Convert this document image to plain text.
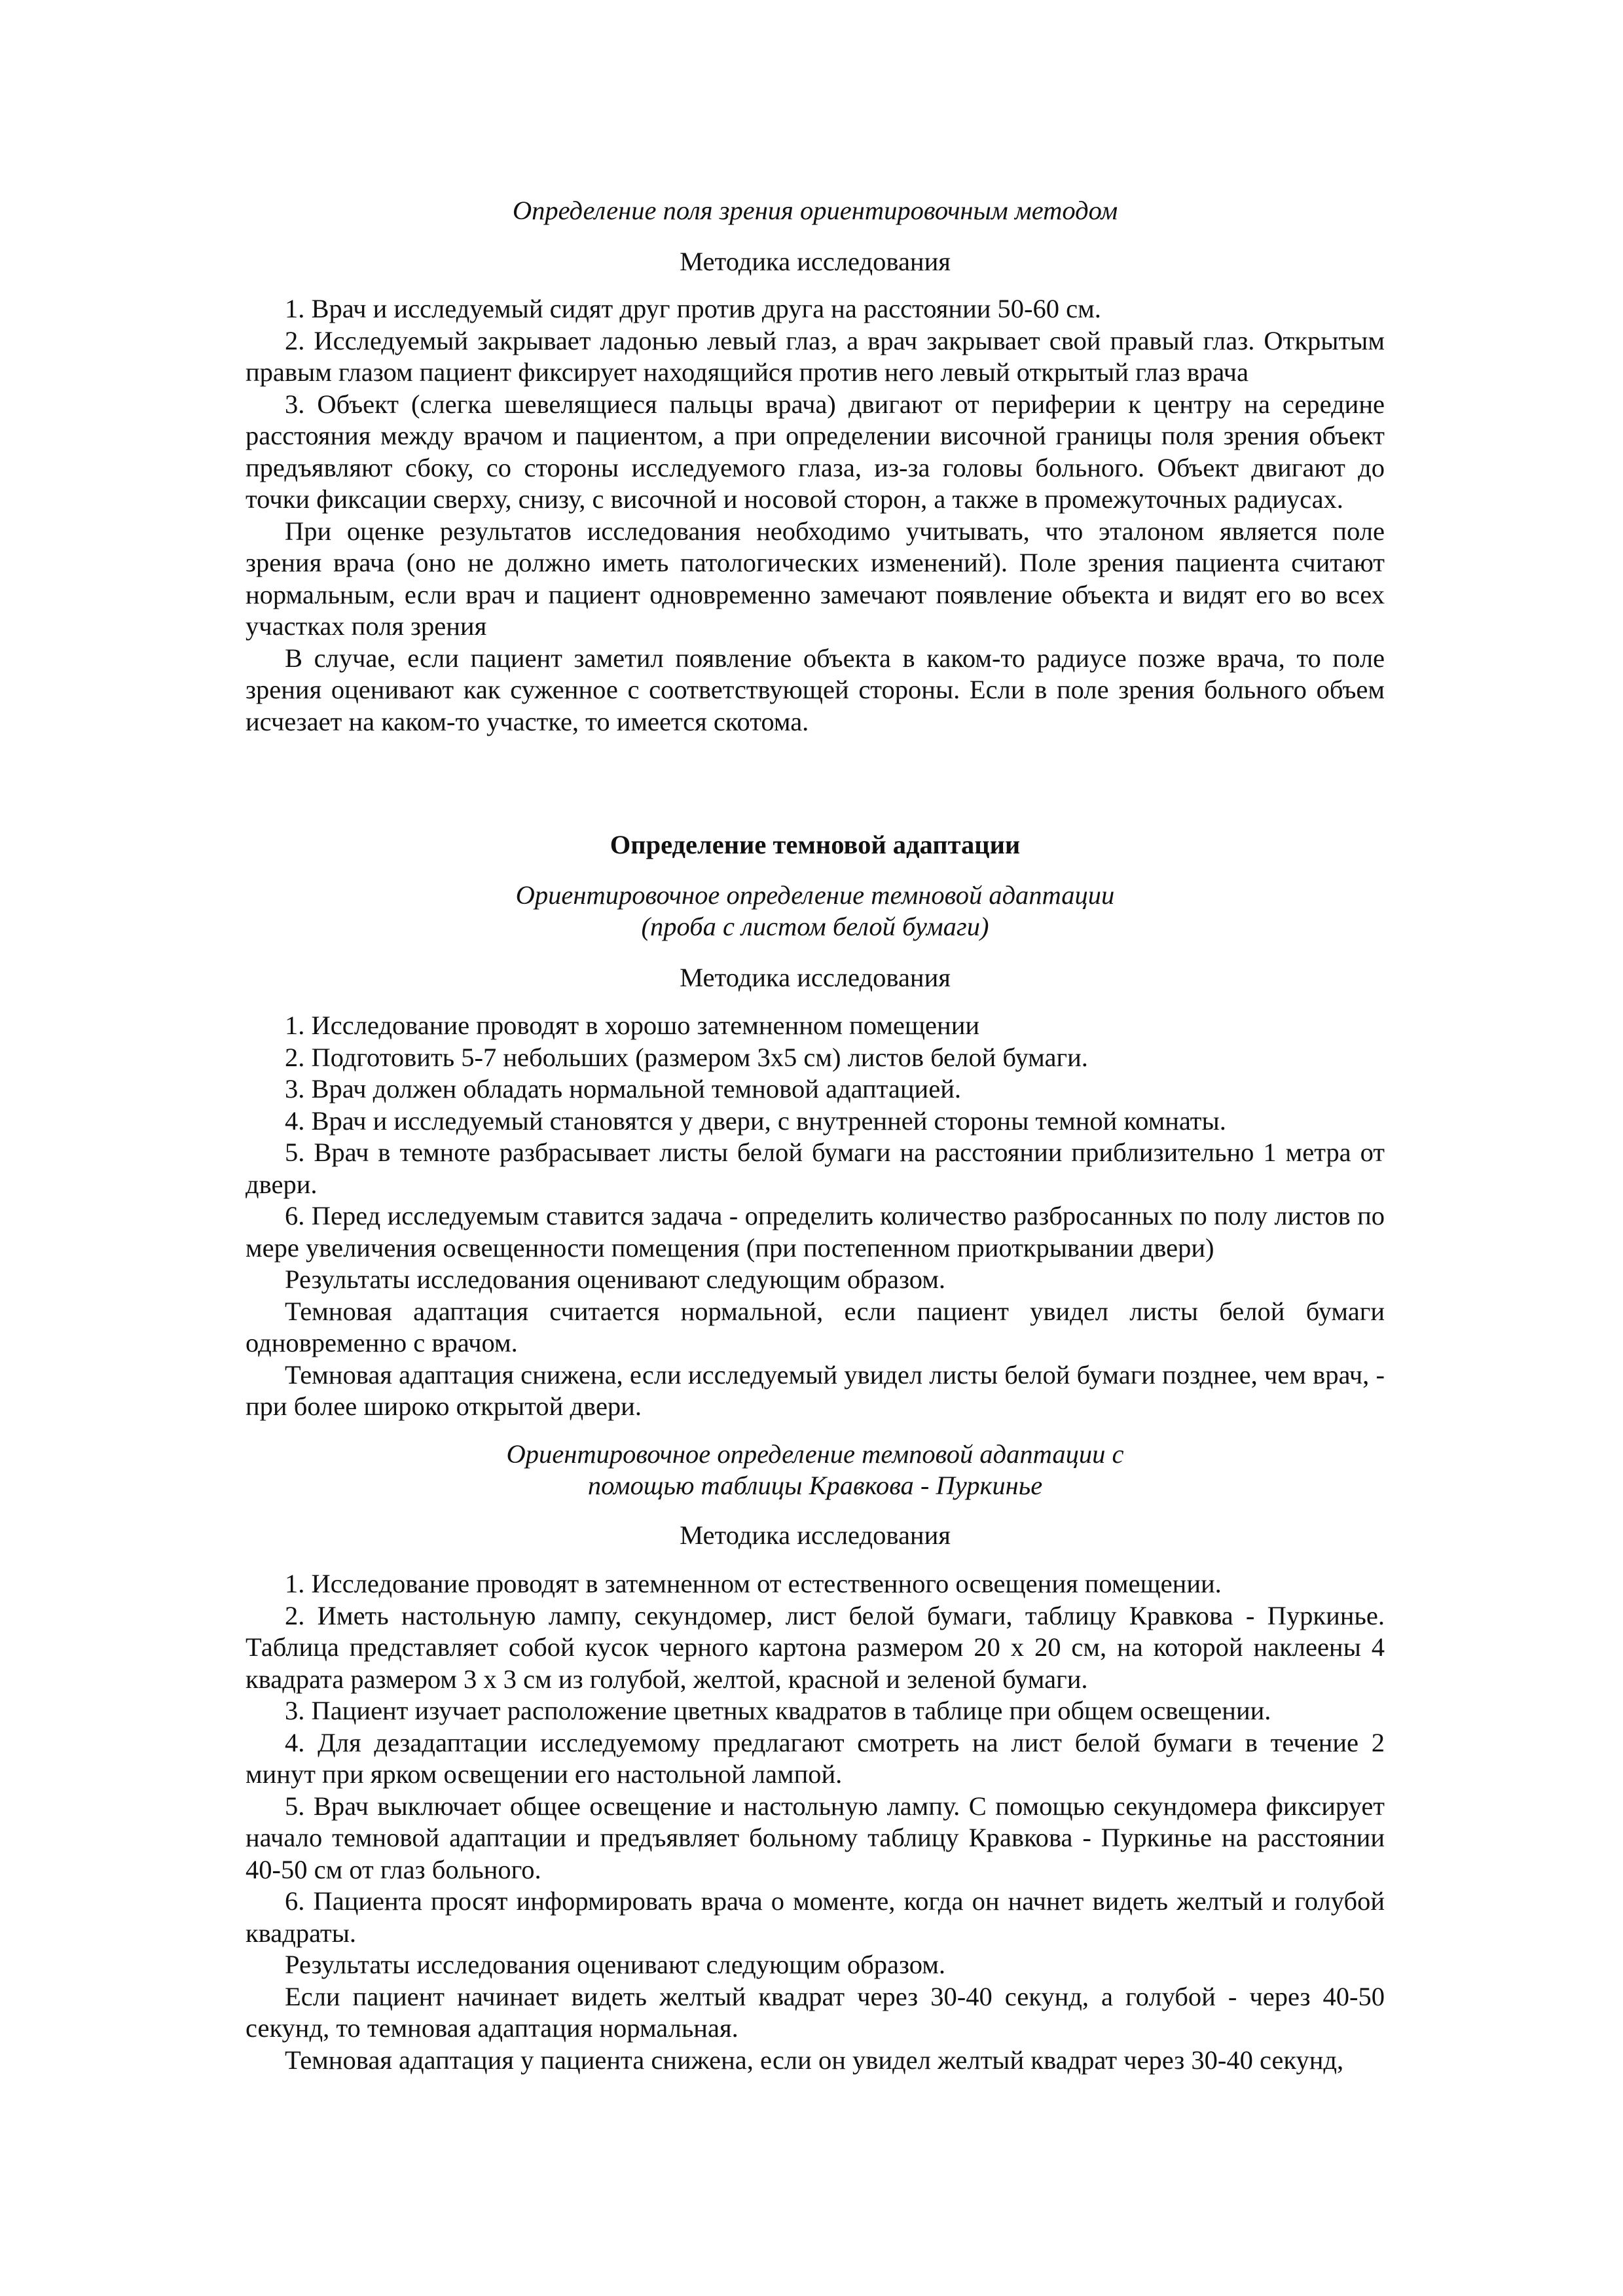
Определение поля зрения ориентировочным методом
Методика исследования

1. Врач и исследуемый сидят друг против друга на расстоянии 50-60 см.

2. Исследуемый закрывает ладонью левый глаз, а врач закрывает свой правый глаз. Открытым правым глазом пациент фиксирует находящийся против него левый открытый глаз врача

3. Объект (слегка шевелящиеся пальцы врача) двигают от периферии к центру на середине расстояния между врачом и пациентом, а при определении височной границы поля зрения объект предъявляют сбоку, со стороны исследуемого глаза, из-за головы больного. Объект двигают до точки фиксации сверху, снизу, с височной и носовой сторон, а также в промежуточных радиусах.

При оценке результатов исследования необходимо учитывать, что эталоном является поле зрения врача (оно не должно иметь патологических изменений). Поле зрения пациента считают нормальным, если врач и пациент одновременно замечают появление объекта и видят его во всех участках поля зрения

В случае, если пациент заметил появление объекта в каком-то радиусе позже врача, то поле зрения оценивают как суженное с соответствующей стороны. Если в поле зрения больного объем исчезает на каком-то участке, то имеется скотома.

Определение темновой адаптации
Ориентировочное определение темновой адаптации
(проба с листом белой бумаги)
Методика исследования

1. Исследование проводят в хорошо затемненном помещении

2. Подготовить 5-7 небольших (размером 3х5 см) листов белой бумаги.

3. Врач должен обладать нормальной темновой адаптацией.

4. Врач и исследуемый становятся у двери, с внутренней стороны темной комнаты.

5. Врач в темноте разбрасывает листы белой бумаги на расстоянии приблизительно 1 метра от двери.

6. Перед исследуемым ставится задача - определить количество разбросанных по полу листов по мере увеличения освещенности помещения (при постепенном приоткрывании двери)

Результаты исследования оценивают следующим образом.

Темновая адаптация считается нормальной, если пациент увидел листы белой бумаги одновременно с врачом.

Темновая адаптация снижена, если исследуемый увидел листы белой бумаги позднее, чем врач, - при более широко открытой двери.

Ориентировочное определение темповой адаптации с
помощью таблицы Кравкова - Пуркинье
Методика исследования

1. Исследование проводят в затемненном от естественного освещения помещении.

2. Иметь настольную лампу, секундомер, лист белой бумаги, таблицу Кравкова - Пуркинье. Таблица представляет собой кусок черного картона размером 20 х 20 см, на которой наклеены 4 квадрата размером 3 х 3 см из голубой, желтой, красной и зеленой бумаги.

3. Пациент изучает расположение цветных квадратов в таблице при общем освещении.

4. Для дезадаптации исследуемому предлагают смотреть на лист белой бумаги в течение 2 минут при ярком освещении его настольной лампой.

5. Врач выключает общее освещение и настольную лампу. С помощью секундомера фиксирует начало темновой адаптации и предъявляет больному таблицу Кравкова - Пуркинье на расстоянии 40-50 см от глаз больного.

6. Пациента просят информировать врача о моменте, когда он начнет видеть желтый и голубой квадраты.

Результаты исследования оценивают следующим образом.

Если пациент начинает видеть желтый квадрат через 30-40 секунд, а голубой - через 40-50 секунд, то темновая адаптация нормальная.

Темновая адаптация у пациента снижена, если он увидел желтый квадрат через 30-40 секунд,
